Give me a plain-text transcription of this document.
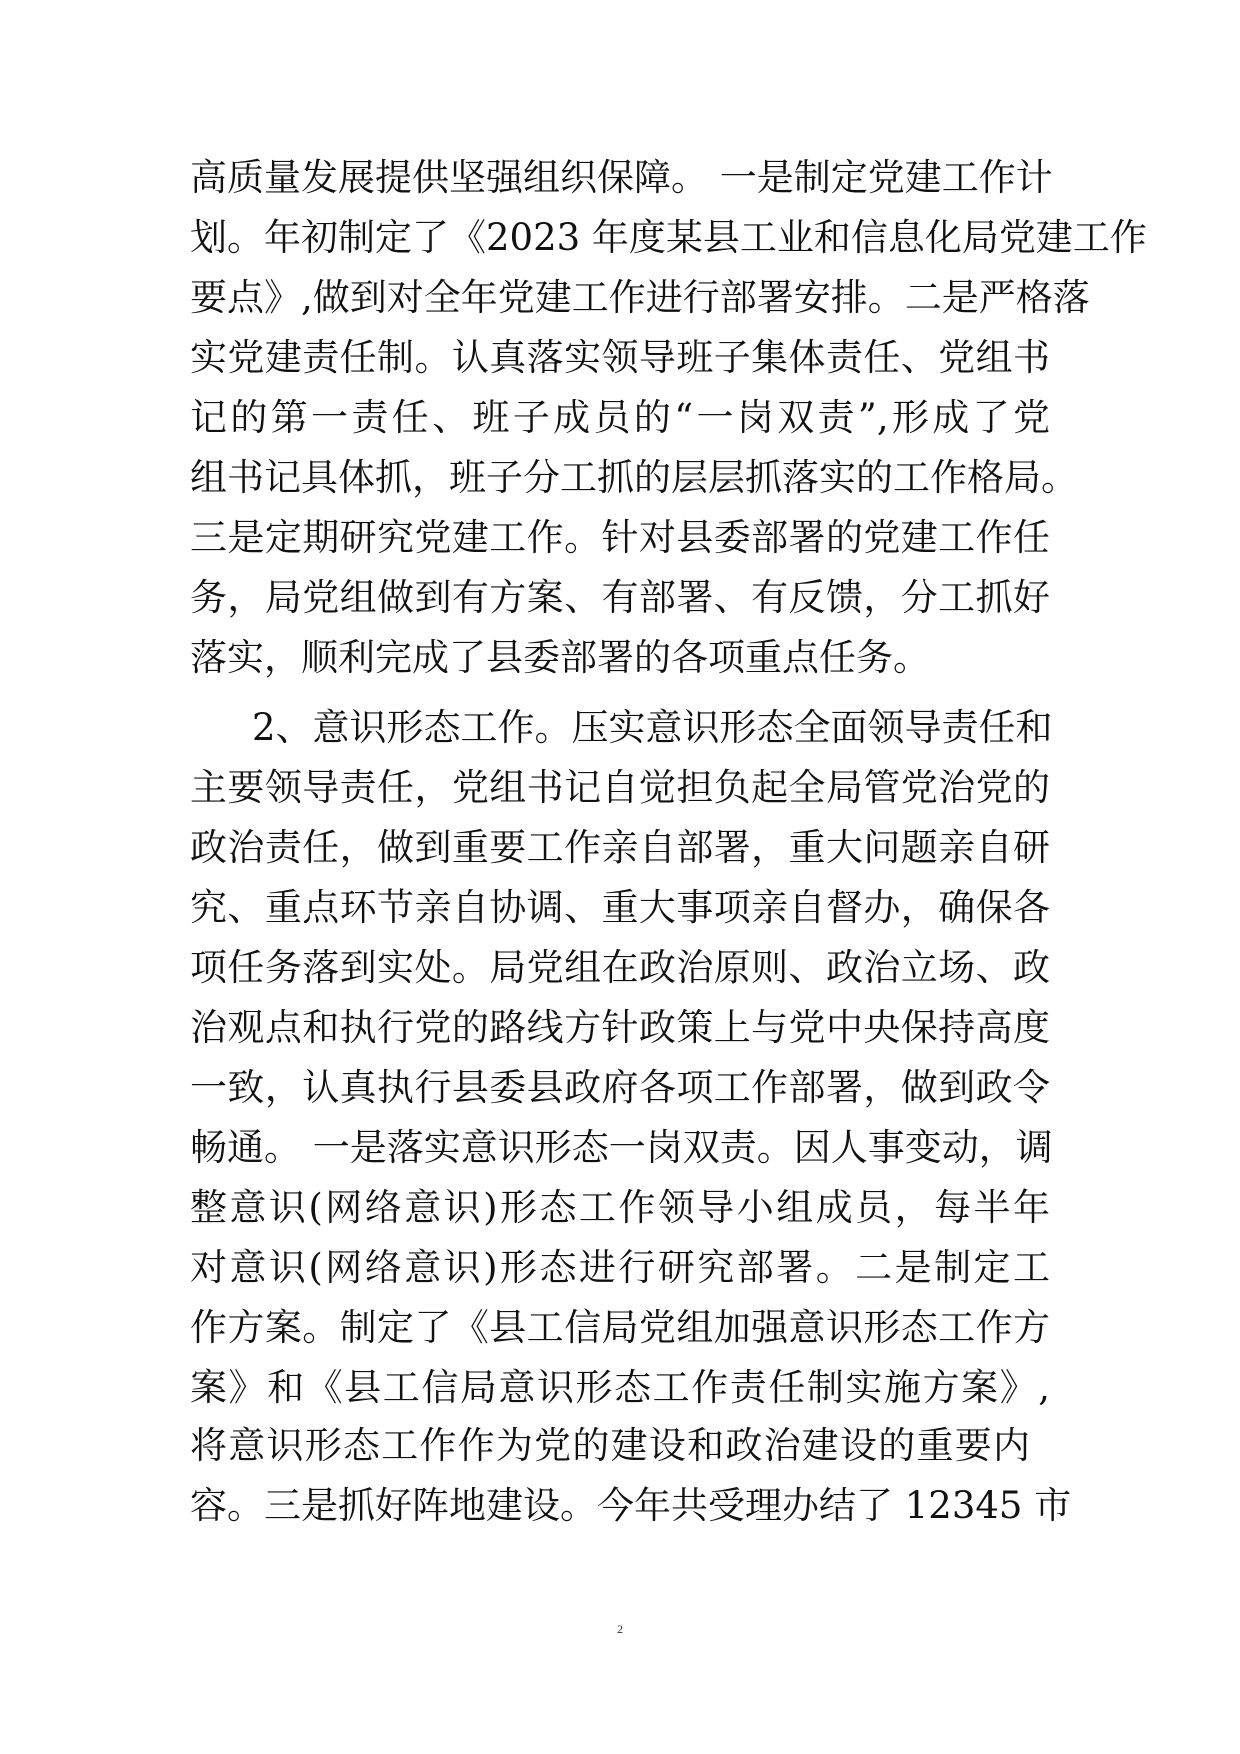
高质量发展提供坚强组织保障。 一是制定党建工作计
划。年初制定了《2023 年度某县工业和信息化局党建工作
要点》,做到对全年党建工作进行部署安排。二是严格落
实党建责任制。认真落实领导班子集体责任、党组书
记的第一责任、班子成员的“一岗双责”,形成了党
组书记具体抓，班子分工抓的层层抓落实的工作格局。
三是定期研究党建工作。针对县委部署的党建工作任
务，局党组做到有方案、有部署、有反馈，分工抓好
落实，顺利完成了县委部署的各项重点任务。
2、意识形态工作。压实意识形态全面领导责任和
主要领导责任，党组书记自觉担负起全局管党治党的
政治责任，做到重要工作亲自部署，重大问题亲自研
究、重点环节亲自协调、重大事项亲自督办，确保各
项任务落到实处。局党组在政治原则、政治立场、政
治观点和执行党的路线方针政策上与党中央保持高度
一致，认真执行县委县政府各项工作部署，做到政令
畅通。 一是落实意识形态一岗双责。因人事变动，调
整意识(网络意识)形态工作领导小组成员，每半年
对意识(网络意识)形态进行研究部署。二是制定工
作方案。制定了《县工信局党组加强意识形态工作方
案》和《县工信局意识形态工作责任制实施方案》,
将意识形态工作作为党的建设和政治建设的重要内
容。三是抓好阵地建设。今年共受理办结了 12345 市
2
